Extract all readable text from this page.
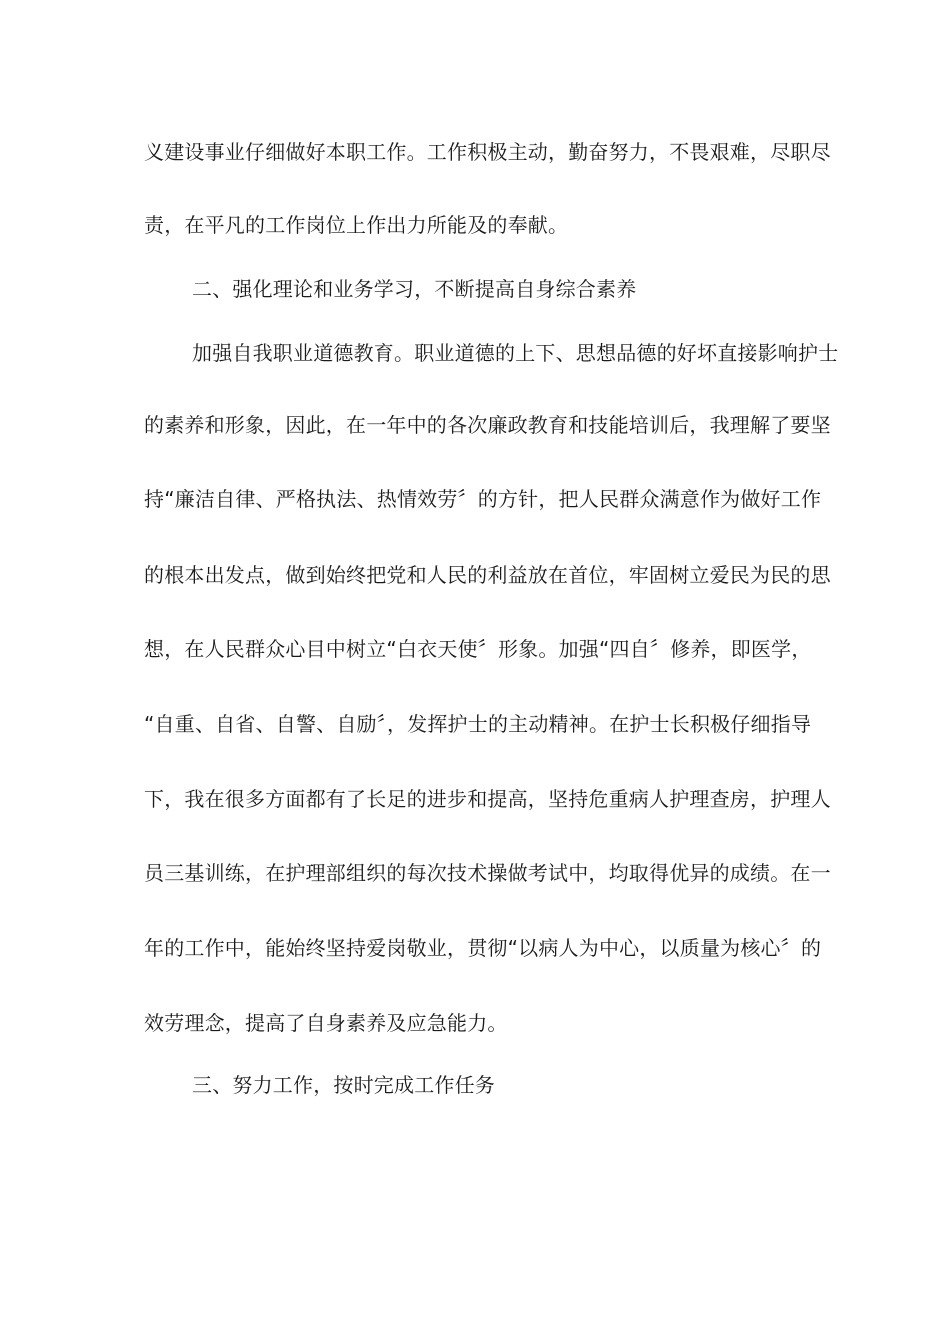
义建设事业仔细做好本职工作。工作积极主动，勤奋努力，不畏艰难，尽职尽
责，在平凡的工作岗位上作出力所能及的奉献。
二、强化理论和业务学习，不断提高自身综合素养
加强自我职业道德教育。职业道德的上下、思想品德的好坏直接影响护士
的素养和形象，因此，在一年中的各次廉政教育和技能培训后，我理解了要坚
持“廉洁自律、严格执法、热情效劳〞的方针，把人民群众满意作为做好工作
的根本出发点，做到始终把党和人民的利益放在首位，牢固树立爱民为民的思
想，在人民群众心目中树立“白衣天使〞形象。加强“四自〞修养，即医学，
“自重、自省、自警、自励〞，发挥护士的主动精神。在护士长积极仔细指导
下，我在很多方面都有了长足的进步和提高，坚持危重病人护理查房，护理人
员三基训练，在护理部组织的每次技术操做考试中，均取得优异的成绩。在一
年的工作中，能始终坚持爱岗敬业，贯彻“以病人为中心，以质量为核心〞的
效劳理念，提高了自身素养及应急能力。
三、努力工作，按时完成工作任务
